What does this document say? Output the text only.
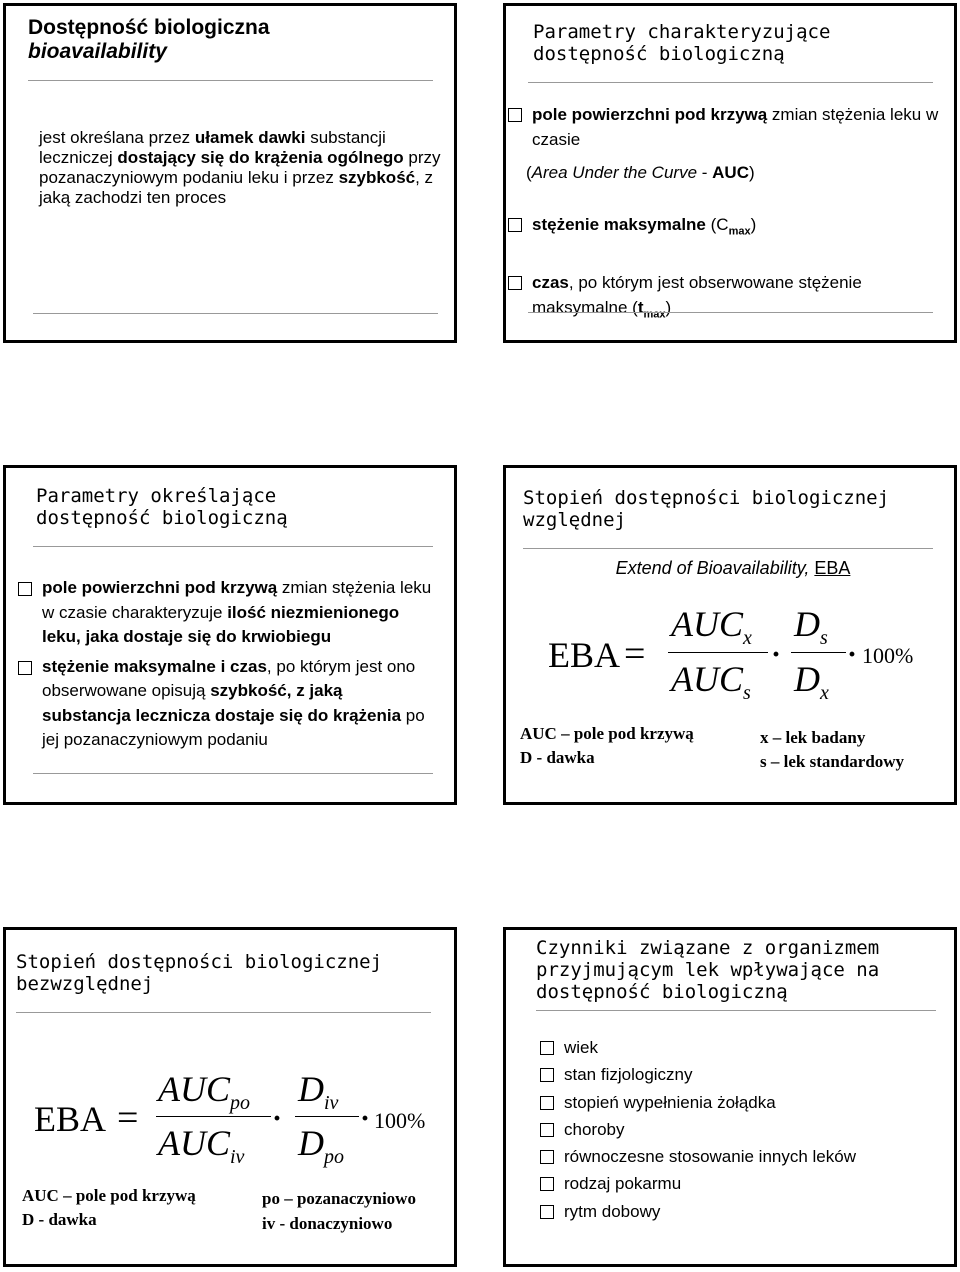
Dostępność biologiczna
bioavailability
jest określana przez ułamek dawki substancji leczniczej dostający się do krążenia ogólnego przy pozanaczyniowym podaniu leku i przez szybkość, z jaką zachodzi ten proces
Parametry charakteryzujące
dostępność biologiczną
pole powierzchni pod krzywą zmian stężenia leku w czasie
(Area Under the Curve - AUC)
stężenie maksymalne $(C_{max})$
czas, po którym jest obserwowane stężenie maksymalne $(t_{max})$
Parametry określające
dostępność biologiczną
pole powierzchni pod krzywą zmian stężenia leku w czasie charakteryzuje ilość niezmienionego leku, jaka dostaje się do krwiobiegu
stężenie maksymalne i czas, po którym jest ono obserwowane opisują szybkość, z jaką substancja lecznicza dostaje się do krążenia po jej pozanaczyniowym podaniu
Stopień dostępności biologicznej
względnej
Extend of Bioavailability, EBA
EBA =
$AUC_x$
$AUC_s$
·
$D_s$
$D_x$
· 100%
AUC – pole pod krzywą
D - dawka
x – lek badany
s – lek standardowy
Stopień dostępności biologicznej
bezwzględnej
EBA =
$AUC_{po}$
$AUC_{iv}$
·
$D_{iv}$
$D_{po}$
· 100%
AUC – pole pod krzywą
D - dawka
po – pozanaczyniowo
iv - donaczyniowo
Czynniki związane z organizmem
przyjmującym lek wpływające na
dostępność biologiczną
wiek
stan fizjologiczny
stopień wypełnienia żołądka
choroby
równoczesne stosowanie innych leków
rodzaj pokarmu
rytm dobowy
